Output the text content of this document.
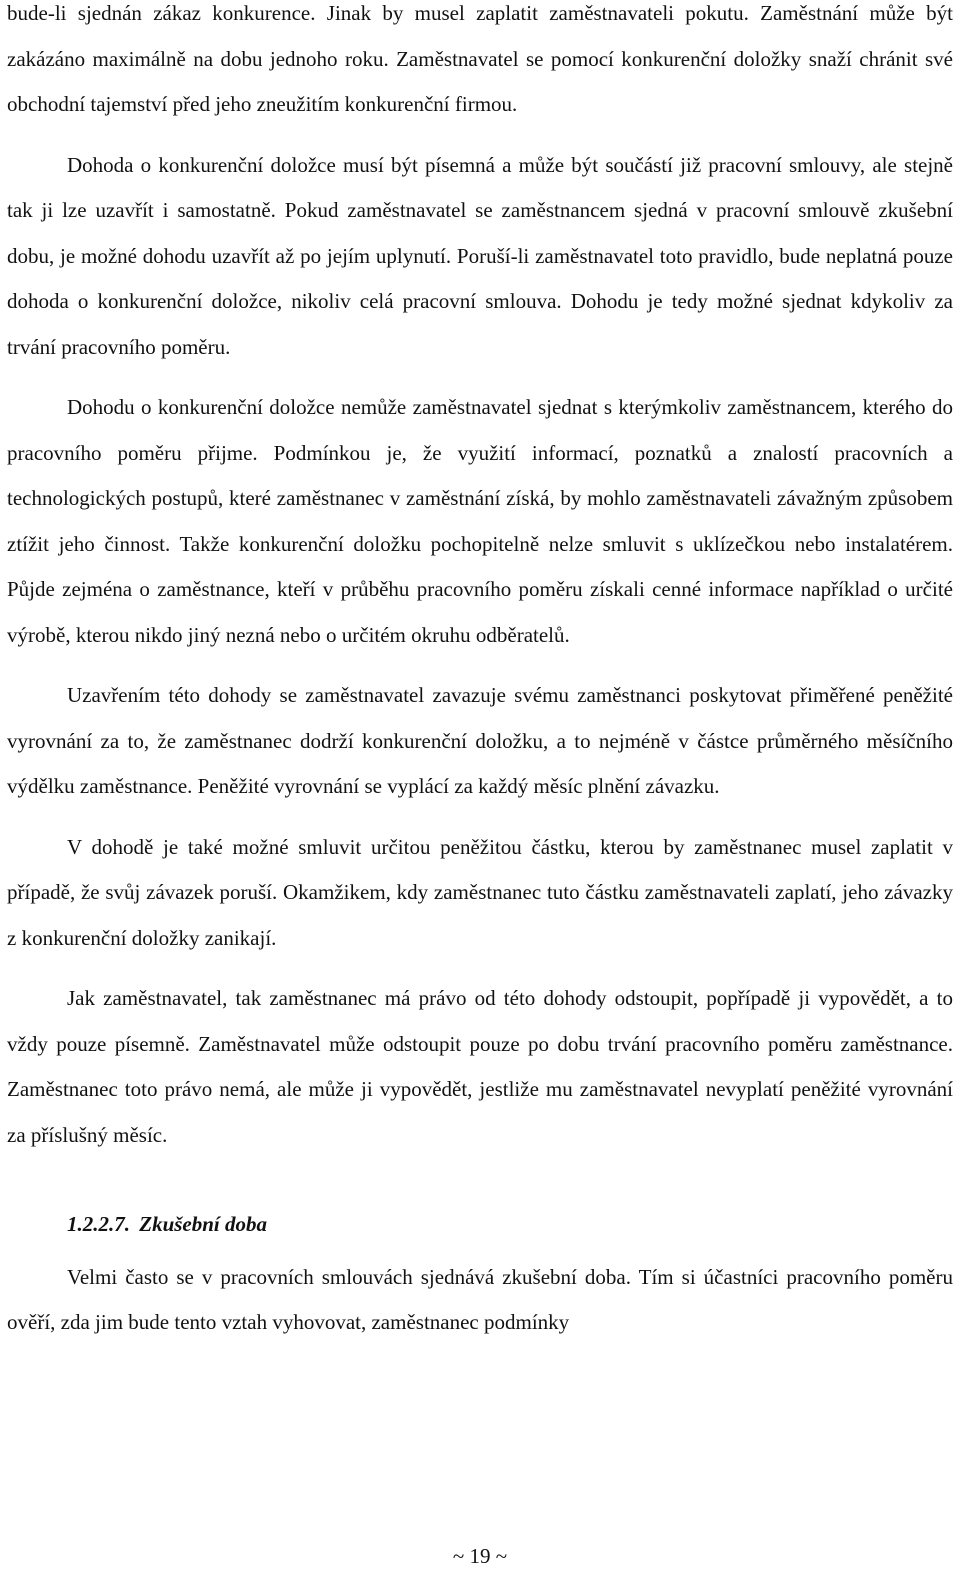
bude-li sjednán zákaz konkurence. Jinak by musel zaplatit zaměstnavateli pokutu. Zaměstnání může být zakázáno maximálně na dobu jednoho roku. Zaměstnavatel se pomocí konkurenční doložky snaží chránit své obchodní tajemství před jeho zneužitím konkurenční firmou.

Dohoda o konkurenční doložce musí být písemná a může být součástí již pracovní smlouvy, ale stejně tak ji lze uzavřít i samostatně. Pokud zaměstnavatel se zaměstnancem sjedná v pracovní smlouvě zkušební dobu, je možné dohodu uzavřít až po jejím uplynutí. Poruší-li zaměstnavatel toto pravidlo, bude neplatná pouze dohoda o konkurenční doložce, nikoliv celá pracovní smlouva. Dohodu je tedy možné sjednat kdykoliv za trvání pracovního poměru.

Dohodu o konkurenční doložce nemůže zaměstnavatel sjednat s kterýmkoliv zaměstnancem, kterého do pracovního poměru přijme. Podmínkou je, že využití informací, poznatků a znalostí pracovních a technologických postupů, které zaměstnanec v zaměstnání získá, by mohlo zaměstnavateli závažným způsobem ztížit jeho činnost. Takže konkurenční doložku pochopitelně nelze smluvit s uklízečkou nebo instalatérem. Půjde zejména o zaměstnance, kteří v průběhu pracovního poměru získali cenné informace například o určité výrobě, kterou nikdo jiný nezná nebo o určitém okruhu odběratelů.

Uzavřením této dohody se zaměstnavatel zavazuje svému zaměstnanci poskytovat přiměřené peněžité vyrovnání za to, že zaměstnanec dodrží konkurenční doložku, a to nejméně v částce průměrného měsíčního výdělku zaměstnance. Peněžité vyrovnání se vyplácí za každý měsíc plnění závazku.

V dohodě je také možné smluvit určitou peněžitou částku, kterou by zaměstnanec musel zaplatit v případě, že svůj závazek poruší. Okamžikem, kdy zaměstnanec tuto částku zaměstnavateli zaplatí, jeho závazky z konkurenční doložky zanikají.

Jak zaměstnavatel, tak zaměstnanec má právo od této dohody odstoupit, popřípadě ji vypovědět, a to vždy pouze písemně. Zaměstnavatel může odstoupit pouze po dobu trvání pracovního poměru zaměstnance. Zaměstnanec toto právo nemá, ale může ji vypovědět, jestliže mu zaměstnavatel nevyplatí peněžité vyrovnání za příslušný měsíc.

1.2.2.7. Zkušební doba

Velmi často se v pracovních smlouvách sjednává zkušební doba. Tím si účastníci pracovního poměru ověří, zda jim bude tento vztah vyhovovat, zaměstnanec podmínky

~ 19 ~
